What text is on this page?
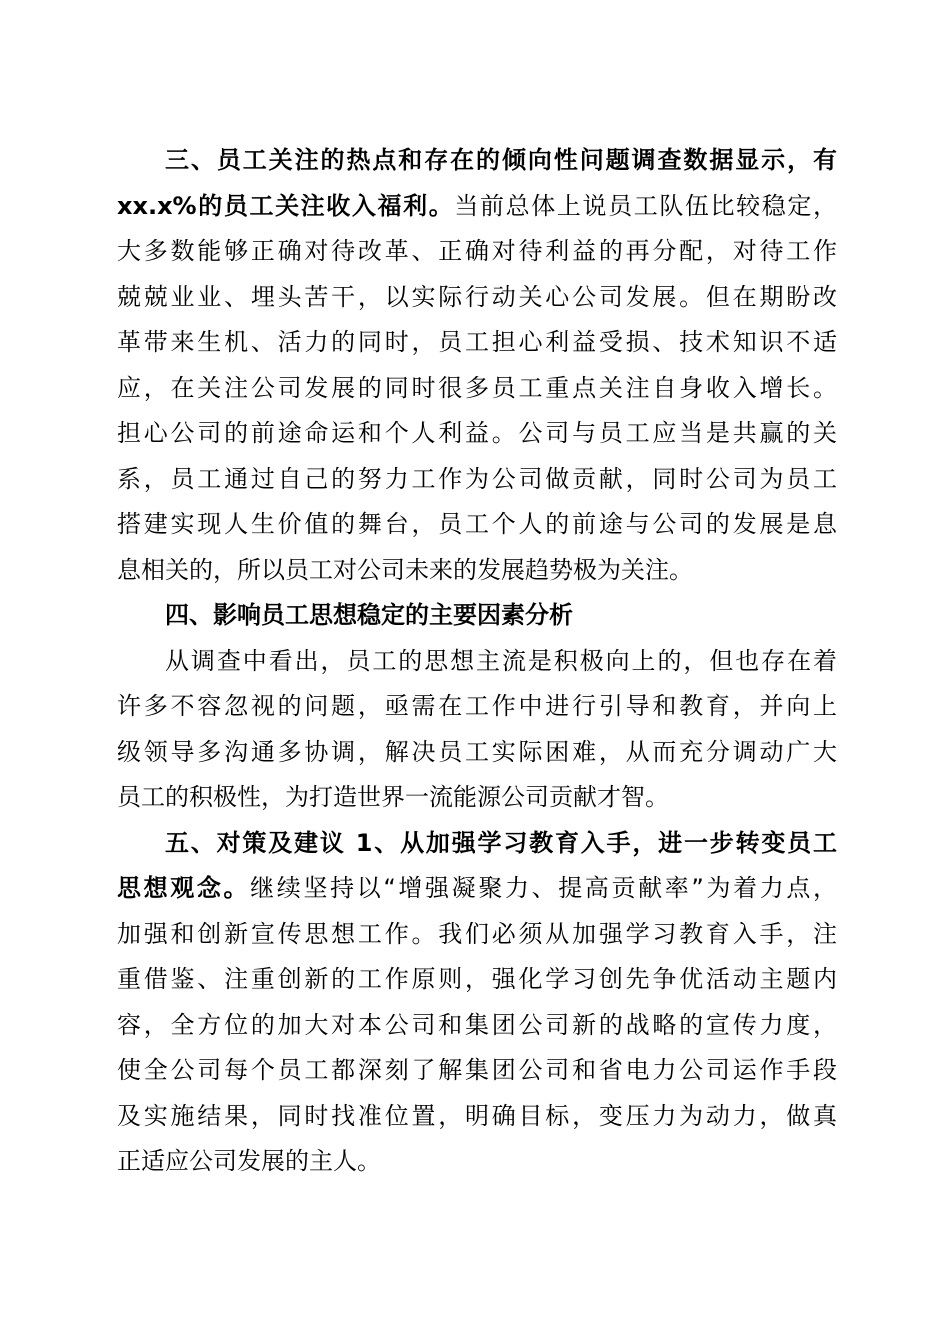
三、员工关注的热点和存在的倾向性问题调查数据显示，有
xx.x%的员工关注收入福利。当前总体上说员工队伍比较稳定，
大多数能够正确对待改革、正确对待利益的再分配，对待工作
兢兢业业、埋头苦干，以实际行动关心公司发展。但在期盼改
革带来生机、活力的同时，员工担心利益受损、技术知识不适
应，在关注公司发展的同时很多员工重点关注自身收入增长。
担心公司的前途命运和个人利益。公司与员工应当是共赢的关
系，员工通过自己的努力工作为公司做贡献，同时公司为员工
搭建实现人生价值的舞台，员工个人的前途与公司的发展是息
息相关的，所以员工对公司未来的发展趋势极为关注。
四、影响员工思想稳定的主要因素分析
从调查中看出，员工的思想主流是积极向上的，但也存在着
许多不容忽视的问题，亟需在工作中进行引导和教育，并向上
级领导多沟通多协调，解决员工实际困难，从而充分调动广大
员工的积极性，为打造世界一流能源公司贡献才智。
五、对策及建议 1、从加强学习教育入手，进一步转变员工
思想观念。继续坚持以“增强凝聚力、提高贡献率”为着力点，
加强和创新宣传思想工作。我们必须从加强学习教育入手，注
重借鉴、注重创新的工作原则，强化学习创先争优活动主题内
容，全方位的加大对本公司和集团公司新的战略的宣传力度，
使全公司每个员工都深刻了解集团公司和省电力公司运作手段
及实施结果，同时找准位置，明确目标，变压力为动力，做真
正适应公司发展的主人。
